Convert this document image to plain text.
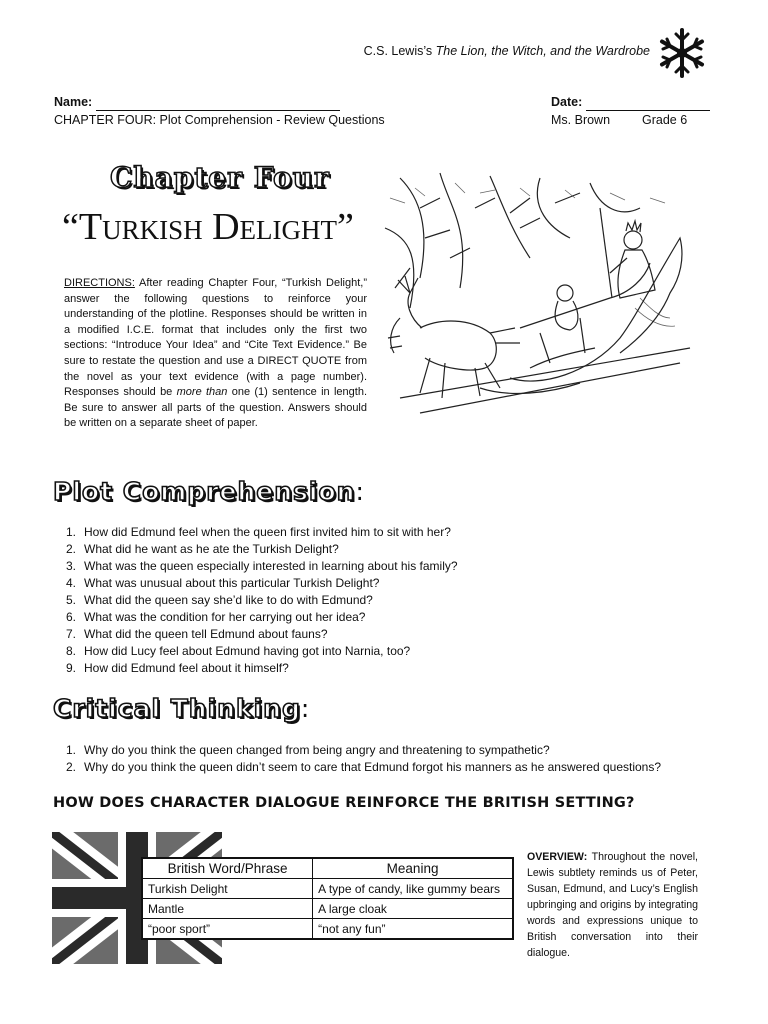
C.S. Lewis’s The Lion, the Witch, and the Wardrobe
Name:	Date:
CHAPTER FOUR: Plot Comprehension - Review Questions	Ms. Brown	Grade 6
Chapter Four
“Turkish Delight”
DIRECTIONS: After reading Chapter Four, “Turkish Delight,” answer the following questions to reinforce your understanding of the plotline. Responses should be written in a modified I.C.E. format that includes only the first two sections: “Introduce Your Idea” and “Cite Text Evidence.” Be sure to restate the question and use a DIRECT QUOTE from the novel as your text evidence (with a page number). Responses should be more than one (1) sentence in length. Be sure to answer all parts of the question. Answers should be written on a separate sheet of paper.
Plot Comprehension:
1. How did Edmund feel when the queen first invited him to sit with her?
2. What did he want as he ate the Turkish Delight?
3. What was the queen especially interested in learning about his family?
4. What was unusual about this particular Turkish Delight?
5. What did the queen say she’d like to do with Edmund?
6. What was the condition for her carrying out her idea?
7. What did the queen tell Edmund about fauns?
8. How did Lucy feel about Edmund having got into Narnia, too?
9. How did Edmund feel about it himself?
Critical Thinking:
1. Why do you think the queen changed from being angry and threatening to sympathetic?
2. Why do you think the queen didn’t seem to care that Edmund forgot his manners as he answered questions?
HOW DOES CHARACTER DIALOGUE REINFORCE THE BRITISH SETTING?
British Word/Phrase	Meaning
Turkish Delight	A type of candy, like gummy bears
Mantle	A large cloak
“poor sport”	“not any fun”
OVERVIEW: Throughout the novel, Lewis subtlety reminds us of Peter, Susan, Edmund, and Lucy’s English upbringing and origins by integrating words and expressions unique to British conversation into their dialogue.
